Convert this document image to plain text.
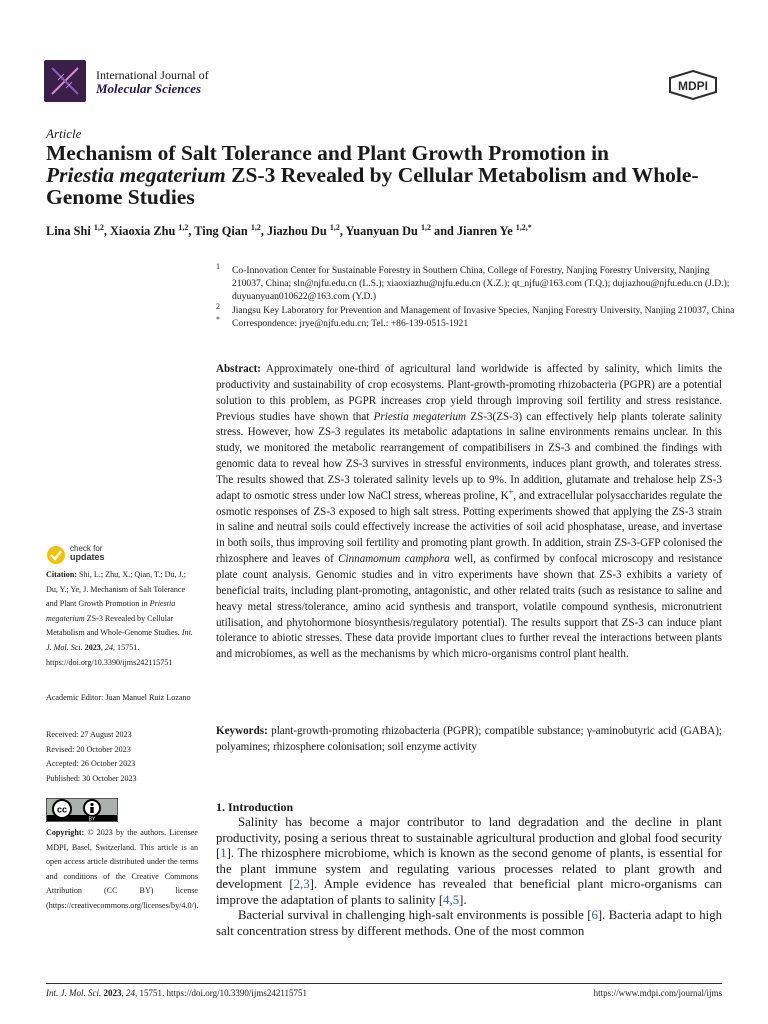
International Journal of
Molecular Sciences	MDPI
Article
Mechanism of Salt Tolerance and Plant Growth Promotion in
Priestia megaterium ZS-3 Revealed by Cellular Metabolism and Whole-Genome Studies
Lina Shi $^{1,2}$, Xiaoxia Zhu $^{1,2}$, Ting Qian $^{1,2}$, Jiazhou Du $^{1,2}$, Yuanyuan Du $^{1,2}$ and Jianren Ye $^{1,2,*}$
$^1$	Co-Innovation Center for Sustainable Forestry in Southern China, College of Forestry, Nanjing Forestry University, Nanjing 210037, China; sln@njfu.edu.cn (L.S.); xiaoxiazhu@njfu.edu.cn (X.Z.); qt_njfu@163.com (T.Q.); dujiazhou@njfu.edu.cn (J.D.); duyuanyuan010622@163.com (Y.D.)
$^2$	Jiangsu Key Laboratory for Prevention and Management of Invasive Species, Nanjing Forestry University, Nanjing 210037, China
*	Correspondence: jrye@njfu.edu.cn; Tel.: +86-139-0515-1921
Abstract: Approximately one-third of agricultural land worldwide is affected by salinity, which limits the productivity and sustainability of crop ecosystems. Plant-growth-promoting rhizobacteria (PGPR) are a potential solution to this problem, as PGPR increases crop yield through improving soil fertility and stress resistance. Previous studies have shown that Priestia megaterium ZS-3(ZS-3) can effectively help plants tolerate salinity stress. However, how ZS-3 regulates its metabolic adaptations in saline environments remains unclear. In this study, we monitored the metabolic rearrangement of compatibilisers in ZS-3 and combined the findings with genomic data to reveal how ZS-3 survives in stressful environments, induces plant growth, and tolerates stress. The results showed that ZS-3 tolerated salinity levels up to 9%. In addition, glutamate and trehalose help ZS-3 adapt to osmotic stress under low NaCl stress, whereas proline, K+, and extracellular polysaccharides regulate the osmotic responses of ZS-3 exposed to high salt stress. Potting experiments showed that applying the ZS-3 strain in saline and neutral soils could effectively increase the activities of soil acid phosphatase, urease, and invertase in both soils, thus improving soil fertility and promoting plant growth. In addition, strain ZS-3-GFP colonised the rhizosphere and leaves of Cinnamomum camphora well, as confirmed by confocal microscopy and resistance plate count analysis. Genomic studies and in vitro experiments have shown that ZS-3 exhibits a variety of beneficial traits, including plant-promoting, antagonistic, and other related traits (such as resistance to saline and heavy metal stress/tolerance, amino acid synthesis and transport, volatile compound synthesis, micronutrient utilisation, and phytohormone biosynthesis/regulatory potential). The results support that ZS-3 can induce plant tolerance to abiotic stresses. These data provide important clues to further reveal the interactions between plants and microbiomes, as well as the mechanisms by which micro-organisms control plant health.
Keywords: plant-growth-promoting rhizobacteria (PGPR); compatible substance; γ-aminobutyric acid (GABA); polyamines; rhizosphere colonisation; soil enzyme activity
check for
updates
Citation: Shi, L.; Zhu, X.; Qian, T.; Du, J.; Du, Y.; Ye, J. Mechanism of Salt Tolerance and Plant Growth Promotion in Priestia megaterium ZS-3 Revealed by Cellular Metabolism and Whole-Genome Studies. Int. J. Mol. Sci. 2023, 24, 15751. https://doi.org/10.3390/ijms242115751
Academic Editor: Juan Manuel Ruiz Lozano
Received: 27 August 2023
Revised: 20 October 2023
Accepted: 26 October 2023
Published: 30 October 2023
cc
BY
Copyright: © 2023 by the authors. Licensee MDPI, Basel, Switzerland. This article is an open access article distributed under the terms and conditions of the Creative Commons Attribution (CC BY) license (https://creativecommons.org/licenses/by/4.0/).
1. Introduction

Salinity has become a major contributor to land degradation and the decline in plant productivity, posing a serious threat to sustainable agricultural production and global food security [1]. The rhizosphere microbiome, which is known as the second genome of plants, is essential for the plant immune system and regulating various processes related to plant growth and development [2,3]. Ample evidence has revealed that beneficial plant micro-organisms can improve the adaptation of plants to salinity [4,5].

Bacterial survival in challenging high-salt environments is possible [6]. Bacteria adapt to high salt concentration stress by different methods. One of the most common

Int. J. Mol. Sci. 2023, 24, 15751. https://doi.org/10.3390/ijms242115751	https://www.mdpi.com/journal/ijms
